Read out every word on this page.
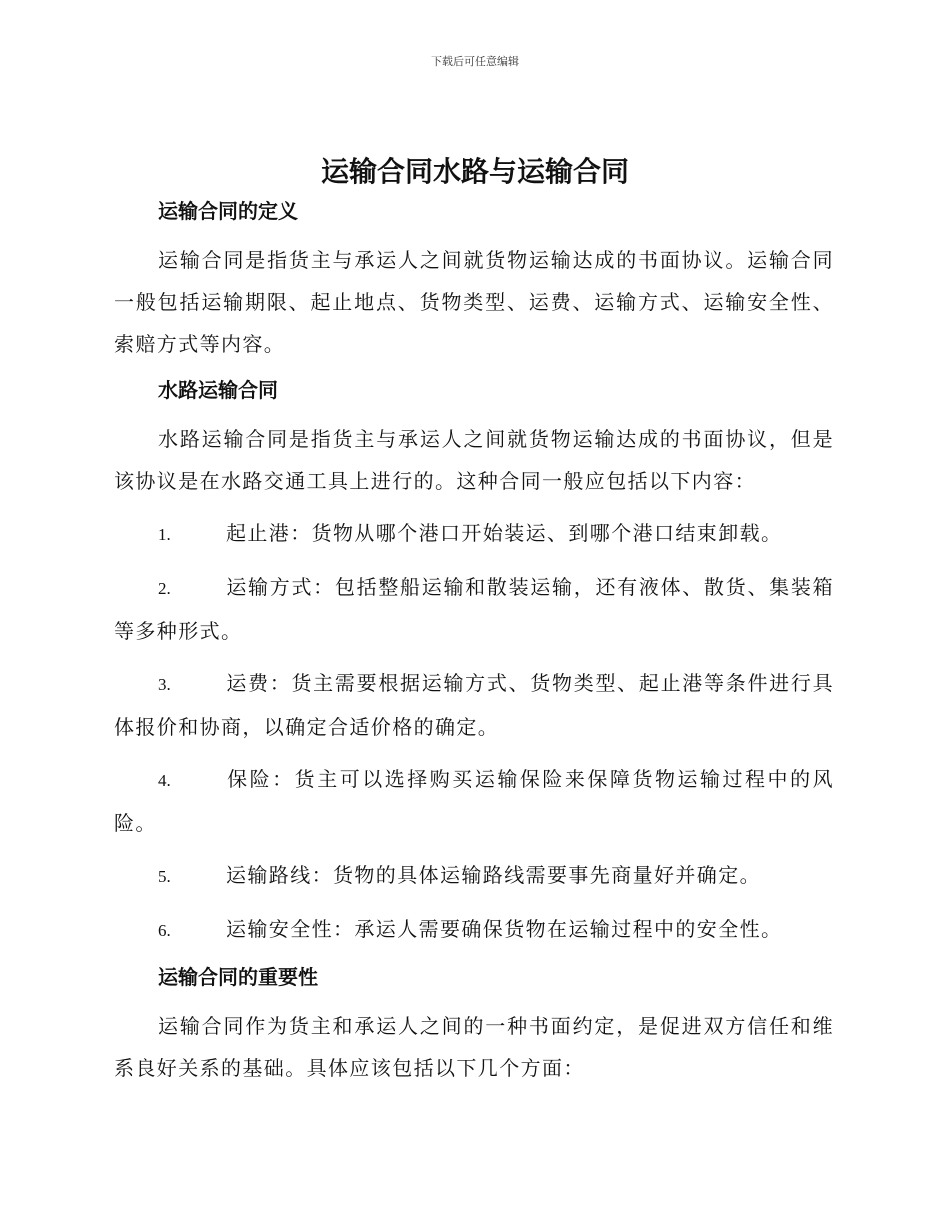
下载后可任意编辑
运输合同水路与运输合同
运输合同的定义
运输合同是指货主与承运人之间就货物运输达成的书面协议。运输合同一般包括运输期限、起止地点、货物类型、运费、运输方式、运输安全性、索赔方式等内容。
水路运输合同
水路运输合同是指货主与承运人之间就货物运输达成的书面协议，但是该协议是在水路交通工具上进行的。这种合同一般应包括以下内容：
1.	起止港：货物从哪个港口开始装运、到哪个港口结束卸载。
2.	运输方式：包括整船运输和散装运输，还有液体、散货、集装箱等多种形式。
3.	运费：货主需要根据运输方式、货物类型、起止港等条件进行具体报价和协商，以确定合适价格的确定。
4.	保险：货主可以选择购买运输保险来保障货物运输过程中的风险。
5.	运输路线：货物的具体运输路线需要事先商量好并确定。
6.	运输安全性：承运人需要确保货物在运输过程中的安全性。
运输合同的重要性
运输合同作为货主和承运人之间的一种书面约定，是促进双方信任和维系良好关系的基础。具体应该包括以下几个方面：
